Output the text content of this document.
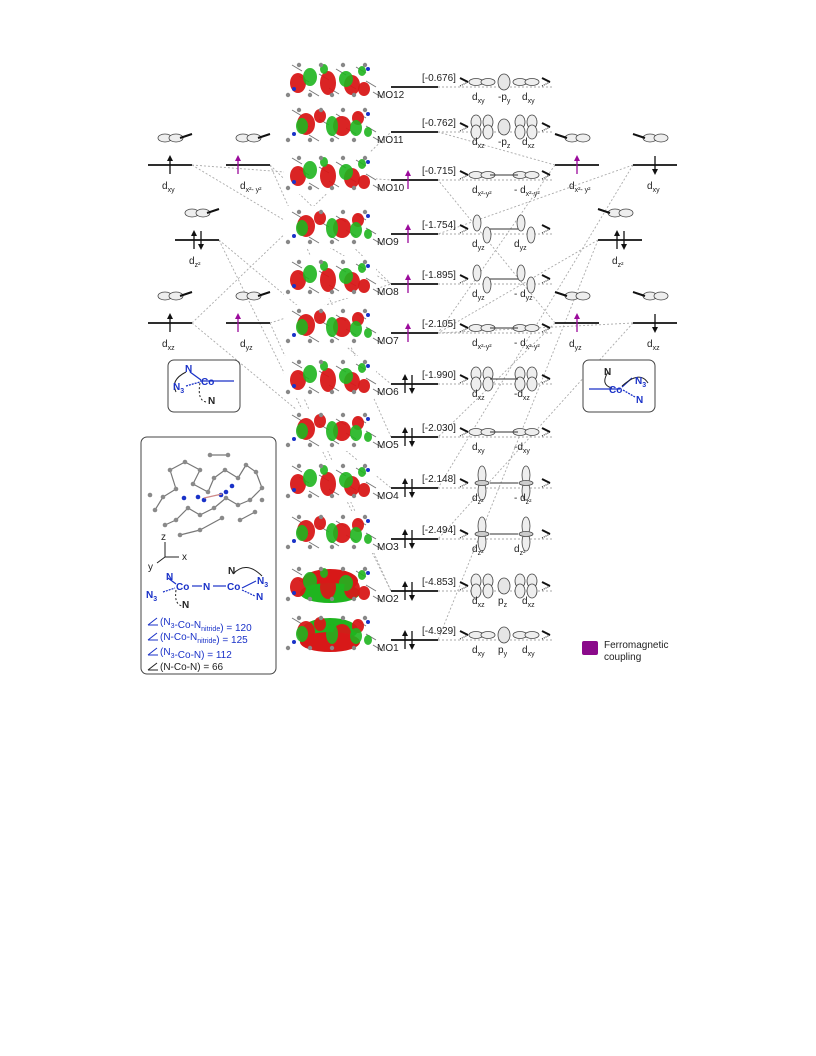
$d_{xy}$	$d_{x^2- y^2}$
$d_{z^2}$
$d_{xz}$	$d_{yz}$
$d_{x^2- y^2}$	$d_{xy}$
$d_{z^2}$
$d_{yz}$	$d_{xz}$
MO12
[-0.676]
$d_{xy}$ $-p_y$ $d_{xy}$
MO11
[-0.762]
$d_{xz}$ $-p_z$ $d_{xz}$
MO10
[-0.715]
$d_{x^2-y^2} - d_{x^2-y^2}$
MO9
[-1.754]
$d_{yz}$	$d_{yz}$
MO8
[-1.895]
$d_{yz}$	- $d_{yz}$
MO7
[-2.105]
$d_{x^2-y^2} - d_{x^2-y^2}$
MO6
[-1.990]
$d_{xz}$	$-d_{xz}$
MO5
[-2.030]
$d_{xy}$	$-d_{xy}$
MO4
[-2.148]
$d_{z^2}$	- $d_{z^2}$
MO3
[-2.494]
$d_{z^2}$	$d_{z^2}$
MO2
[-4.853]
$d_{xz}$ $p_z$ $d_{xz}$
MO1
[-4.929]
$d_{xy}$ $p_y$ $d_{xy}$
N
Co
$N_3$
N
N
Co
$N_3$
N
z
x
y
N
$N_3$
Co N Co
N
N
$N_3$
N
$(N_3-Co-N_{nitride}) = 120$
$(N-Co-N_{nitride}) = 125$
$(N_3-Co-N) = 112$
(N-Co-N) = 66
Ferromagnetic
coupling
